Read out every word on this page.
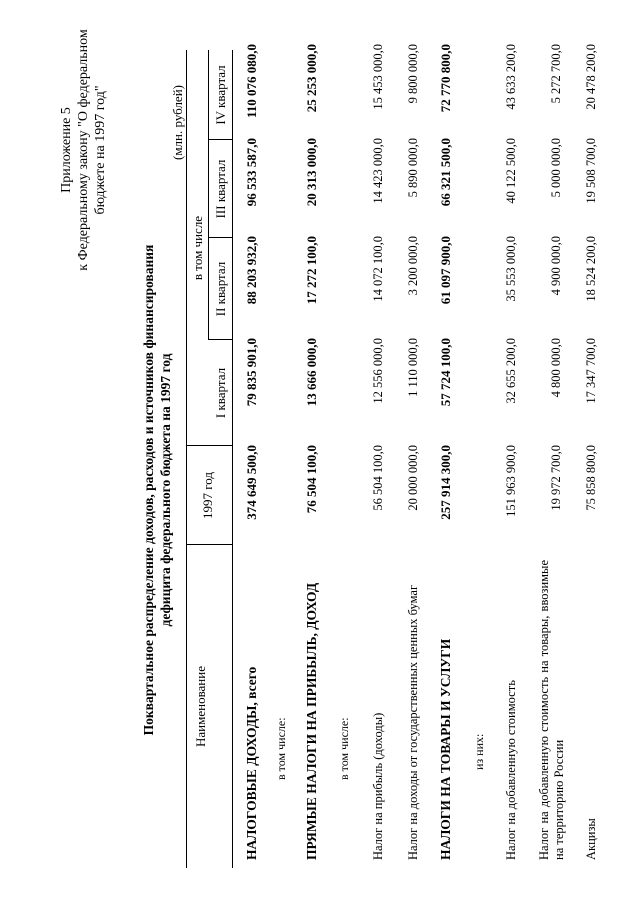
Приложение 5 к Федеральному закону "О федеральном бюджете на 1997 год"
Поквартальное распределение доходов, расходов и источников финансирования дефицита федерального бюджета на 1997 год
(млн. рублей)
Наименование
1997 год
в том числе
I квартал
II квартал
III квартал
IV квартал
НАЛОГОВЫЕ ДОХОДЫ, всего
374 649 500,0
79 835 901,0
88 203 932,0
96 533 587,0
110 076 080,0
в том числе: ПРЯМЫЕ НАЛОГИ НА ПРИБЫЛЬ, ДОХОД
76 504 100,0
13 666 000,0
17 272 100,0
20 313 000,0
25 253 000,0
в том числе: Налог на прибыль (доходы)
56 504 100,0
12 556 000,0
14 072 100,0
14 423 000,0
15 453 000,0
Налог на доходы от государственных ценных бумаг
20 000 000,0
1 110 000,0
3 200 000,0
5 890 000,0
9 800 000,0
НАЛОГИ НА ТОВАРЫ И УСЛУГИ
257 914 300,0
57 724 100,0
61 097 900,0
66 321 500,0
72 770 800,0
из них: Налог на добавленную стоимость
151 963 900,0
32 655 200,0
35 553 000,0
40 122 500,0
43 633 200,0
Налог на добавленную стоимость на товары, ввозимые на территорию России
19 972 700,0
4 800 000,0
4 900 000,0
5 000 000,0
5 272 700,0
Акцизы
75 858 800,0
17 347 700,0
18 524 200,0
19 508 700,0
20 478 200,0
